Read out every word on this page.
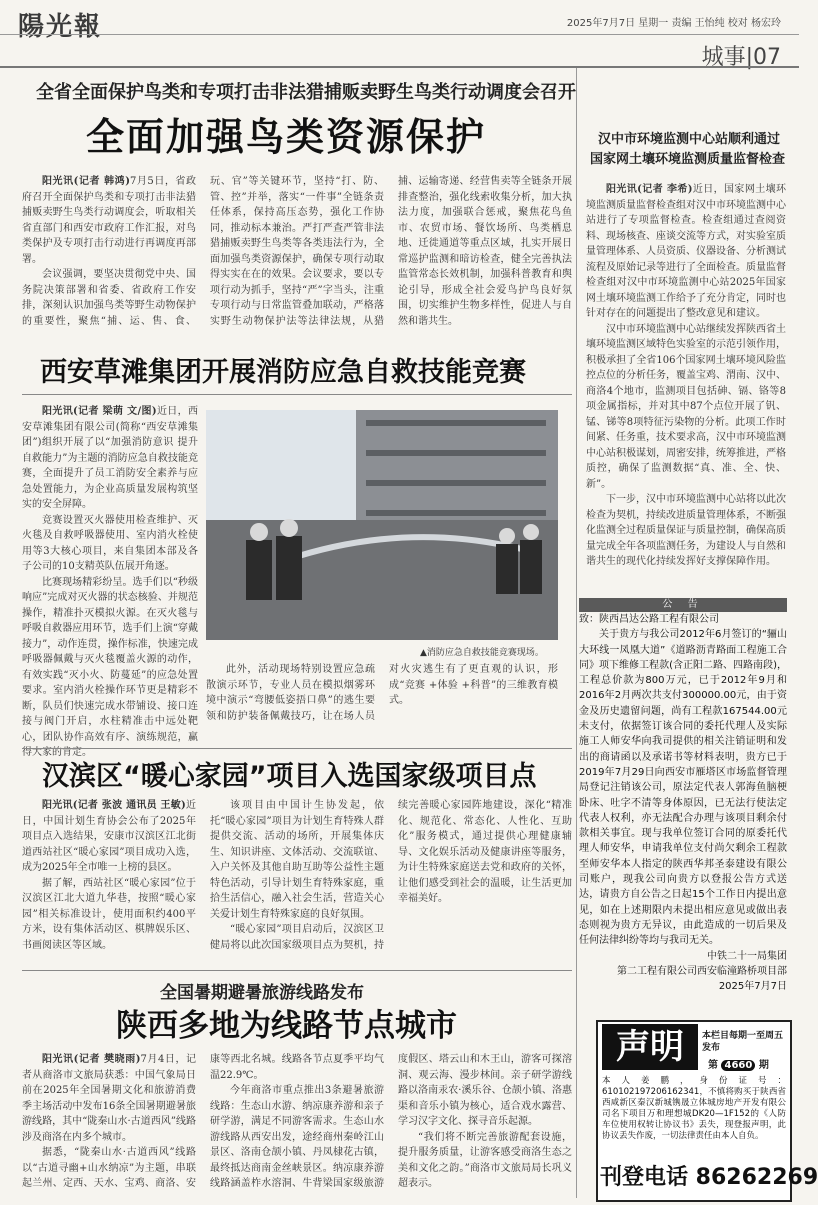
陽光報	2025年7月7日 星期一 责编 王怡纯 校对 杨宏玲
城事|07
全省全面保护鸟类和专项打击非法猎捕贩卖野生鸟类行动调度会召开
全面加强鸟类资源保护

阳光讯(记者 韩鸿)7月5日，省政府召开全面保护鸟类和专项打击非法猎捕贩卖野生鸟类行动调度会，听取相关省直部门和西安市政府工作汇报，对鸟类保护及专项打击行动进行再调度再部署。

会议强调，要坚决贯彻党中央、国务院决策部署和省委、省政府工作安排，深刻认识加强鸟类等野生动物保护的重要性，聚焦“捕、运、售、食、玩、官”等关键环节，坚持“打、防、管、控”并举，落实“一件事”全链条责任体系，保持高压态势，强化工作协同，推动标本兼治。严打严查严管非法猎捕贩卖野生鸟类等各类违法行为，全面加强鸟类资源保护，确保专项行动取得实实在在的效果。会议要求，要以专项行动为抓手，坚持“严”字当头，注重专项行动与日常监管叠加联动，严格落实野生动物保护法等法律法规，从猎捕、运输寄递、经营售卖等全链条开展排查整治，强化线索收集分析，加大执法力度，加强联合惩戒，聚焦花鸟鱼市、农贸市场、餐饮场所、鸟类栖息地、迁徙通道等重点区域，扎实开展日常巡护监测和暗访检查，健全完善执法监管常态长效机制，加强科普教育和舆论引导，形成全社会爱鸟护鸟良好氛围，切实维护生物多样性，促进人与自然和谐共生。

西安草滩集团开展消防应急自救技能竞赛

阳光讯(记者 梁萌 文/图)近日，西安草滩集团有限公司(简称“西安草滩集团”)组织开展了以“加强消防意识 提升自救能力”为主题的消防应急自救技能竞赛，全面提升了员工消防安全素养与应急处置能力，为企业高质量发展构筑坚实的安全屏障。

竞赛设置灭火器使用检查维护、灭火毯及自救呼吸器使用、室内消火栓使用等3大核心项目，来自集团本部及各子公司的10支精英队伍展开角逐。

比赛现场精彩纷呈。选手们以“秒级响应”完成对灭火器的状态核验、并规范操作，精准扑灭模拟火源。在灭火毯与呼吸自救器应用环节，选手们上演“穿戴接力”，动作连贯，操作标准，快速完成呼吸器佩戴与灭火毯覆盖火源的动作，有效实践“灭小火、防蔓延”的应急处置要求。室内消火栓操作环节更是精彩不断，队员们快速完成水带铺设、接口连接与阀门开启，水柱精准击中远处靶心，团队协作高效有序、演练规范，赢得大家的肯定。

▲消防应急自救技能竞赛现场。

此外，活动现场特别设置应急疏散演示环节，专业人员在模拟烟雾环境中演示“弯腰低姿捂口鼻”的逃生要领和防护装备佩戴技巧，让在场人员对火灾逃生有了更直观的认识，形成“竞赛 +体验 +科普”的三维教育模式。

汉滨区“暖心家园”项目入选国家级项目点

阳光讯(记者 张波 通讯员 王敏)近日，中国计划生育协会公布了2025年项目点入选结果，安康市汉滨区江北街道西站社区“暖心家园”项目成功入选，成为2025年全市唯一上榜的县区。

据了解，西站社区“暖心家园”位于汉滨区江北大道九华巷，按照“暖心家园”相关标准设计，使用面积约400平方米，设有集体活动区、棋牌娱乐区、书画阅读区等区域。

该项目由中国计生协发起，依托“暖心家园”项目为计划生育特殊人群提供交流、活动的场所，开展集体庆生、知识讲座、文体活动、交流联谊、入户关怀及其他自助互助等公益性主题特色活动，引导计划生育特殊家庭，重拾生活信心，融入社会生活，营造关心关爱计划生育特殊家庭的良好氛围。

“暖心家园”项目启动后，汉滨区卫健局将以此次国家级项目点为契机，持续完善暖心家园阵地建设，深化“精准化、规范化、常态化、人性化、互助化”服务模式，通过提供心理健康辅导、文化娱乐活动及健康讲座等服务，为计生特殊家庭送去党和政府的关怀，让他们感受到社会的温暖，让生活更加幸福美好。

全国暑期避暑旅游线路发布
陕西多地为线路节点城市

阳光讯(记者 樊晓雨)7月4日，记者从商洛市文旅局获悉：中国气象局日前在2025年全国暑期文化和旅游消费季主场活动中发布16条全国暑期避暑旅游线路，其中“陇秦山水·古道西风”线路涉及商洛在内多个城市。

据悉，“陇秦山水·古道西风”线路以“古道寻幽+山水纳凉”为主题，串联起兰州、定西、天水、宝鸡、商洛、安康等西北名城。线路各节点夏季平均气温22.9℃。

今年商洛市重点推出3条避暑旅游线路：生态山水游、纳凉康养游和亲子研学游，满足不同游客需求。生态山水游线路从西安出发，途经商州秦岭江山景区、洛南仓颉小镇、丹凤棣花古镇，最终抵达商南金丝峡景区。纳凉康养游线路涵盖柞水溶洞、牛背梁国家级旅游度假区、塔云山和木王山，游客可探溶洞、观云海、漫步林间。亲子研学游线路以洛南汞农·溪乐谷、仓颉小镇、洛惠渠和音乐小镇为核心，适合戏水露营、学习汉字文化、探寻音乐起源。

“我们将不断完善旅游配套设施，提升服务质量，让游客感受商洛生态之美和文化之韵。”商洛市文旅局局长巩义超表示。

汉中市环境监测中心站顺利通过
国家网土壤环境监测质量监督检查

阳光讯(记者 李希)近日，国家网土壤环境监测质量监督检查组对汉中市环境监测中心站进行了专项监督检查。检查组通过查阅资料、现场核查、座谈交流等方式，对实验室质量管理体系、人员资质、仪器设备、分析测试流程及原始记录等进行了全面检查。质量监督检查组对汉中市环境监测中心站2025年国家网土壤环境监测工作给予了充分肯定，同时也针对存在的问题提出了整改意见和建议。

汉中市环境监测中心站继续发挥陕西省土壤环境监测区域特色实验室的示范引领作用，积极承担了全省106个国家网土壤环境风险监控点位的分析任务，覆盖宝鸡、渭南、汉中、商洛4个地市，监测项目包括砷、镉、铬等8项金属指标，并对其中87个点位开展了钒、锰、锑等8项特征污染物的分析。此项工作时间紧、任务重，技术要求高，汉中市环境监测中心站积极谋划，周密安排，统筹推进，严格质控，确保了监测数据“真、准、全、快、新”。

下一步，汉中市环境监测中心站将以此次检查为契机，持续改进质量管理体系，不断强化监测全过程质量保证与质量控制，确保高质量完成全年各项监测任务，为建设人与自然和谐共生的现代化持续发挥好支撑保障作用。

公 告

致：陕西昌达公路工程有限公司

关于贵方与我公司2012年6月签订的“骊山大环线一凤凰大道”《道路沥青路面工程施工合同》项下维修工程款(含正阳二路、四路南段)，工程总价款为800万元，已于2012年9月和2016年2月两次共支付300000.00元，由于资金及历史遗留问题，尚有工程款167544.00元未支付，依据签订该合同的委托代理人及实际施工人师安华向我司提供的相关注销证明和发出的商请函以及承诺书等材料表明，贵方已于2019年7月29日向西安市雁塔区市场监督管理局登记注销该公司，原法定代表人郭海鱼脑梗卧床、吐字不清等身体原因，已无法行使法定代表人权利，亦无法配合办理与该项目剩余付款相关事宜。现与我单位签订合同的原委托代理人师安华，申请我单位支付尚欠剩余工程款至师安华本人指定的陕西华邦圣泰建设有限公司账户，现我公司向贵方以登报公告方式送达，请贵方自公告之日起15个工作日内提出意见，如在上述期限内未提出相应意见或做出表态则视为贵方无异议，由此造成的一切后果及任何法律纠纷等均与我司无关。

中铁二十一局集团

第二工程有限公司西安临潼路桥项目部

2025年7月7日

声明	本栏目每期一至周五发布
第 4660 期
本人姜鹏，身份证号：610102197206162341，不慎将购买于陕西省西咸新区秦汉新城镌晟立体城房地产开发有限公司名下项目万和理想城DK20—1F152的《人防车位使用权转让协议书》丢失，现登报声明，此协议丢失作废，一切法律责任由本人自负。
刊登电话 86262269
